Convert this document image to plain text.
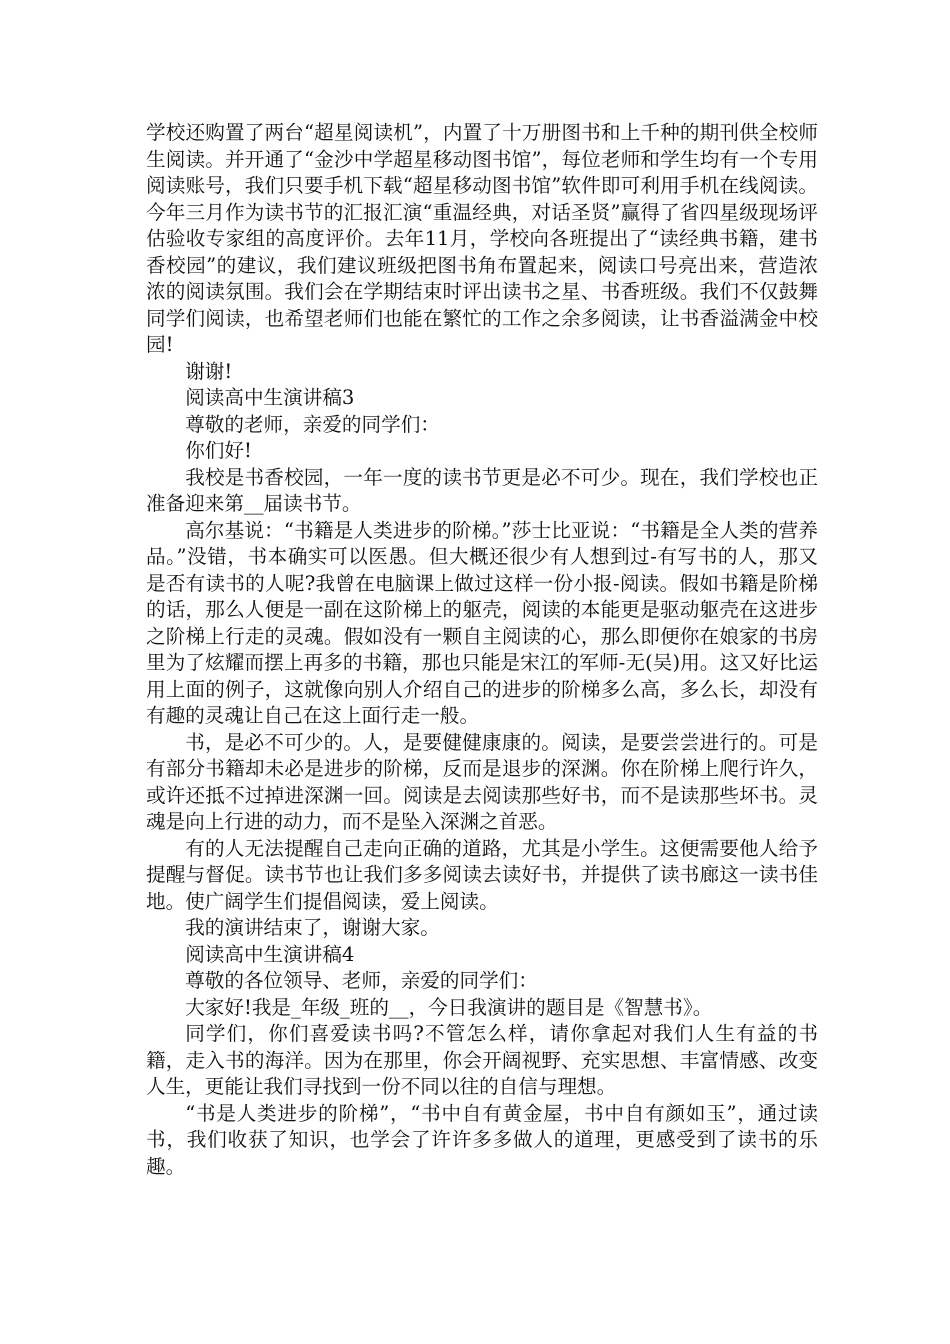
学校还购置了两台“超星阅读机”，内置了十万册图书和上千种的期刊供全校师生阅读。并开通了“金沙中学超星移动图书馆”，每位老师和学生均有一个专用阅读账号，我们只要手机下载“超星移动图书馆”软件即可利用手机在线阅读。今年三月作为读书节的汇报汇演“重温经典，对话圣贤”赢得了省四星级现场评估验收专家组的高度评价。去年11月，学校向各班提出了“读经典书籍，建书香校园”的建议，我们建议班级把图书角布置起来，阅读口号亮出来，营造浓浓的阅读氛围。我们会在学期结束时评出读书之星、书香班级。我们不仅鼓舞同学们阅读，也希望老师们也能在繁忙的工作之余多阅读，让书香溢满金中校园!

谢谢!

阅读高中生演讲稿3

尊敬的老师，亲爱的同学们：

你们好!

我校是书香校园，一年一度的读书节更是必不可少。现在，我们学校也正准备迎来第__届读书节。

高尔基说：“书籍是人类进步的阶梯。”莎士比亚说：“书籍是全人类的营养品。”没错，书本确实可以医愚。但大概还很少有人想到过-有写书的人，那又是否有读书的人呢?我曾在电脑课上做过这样一份小报-阅读。假如书籍是阶梯的话，那么人便是一副在这阶梯上的躯壳，阅读的本能更是驱动躯壳在这进步之阶梯上行走的灵魂。假如没有一颗自主阅读的心，那么即便你在娘家的书房里为了炫耀而摆上再多的书籍，那也只能是宋江的军师-无(吴)用。这又好比运用上面的例子，这就像向别人介绍自己的进步的阶梯多么高，多么长，却没有有趣的灵魂让自己在这上面行走一般。

书，是必不可少的。人，是要健健康康的。阅读，是要尝尝进行的。可是有部分书籍却未必是进步的阶梯，反而是退步的深渊。你在阶梯上爬行许久，或许还抵不过掉进深渊一回。阅读是去阅读那些好书，而不是读那些坏书。灵魂是向上行进的动力，而不是坠入深渊之首恶。

有的人无法提醒自己走向正确的道路，尤其是小学生。这便需要他人给予提醒与督促。读书节也让我们多多阅读去读好书，并提供了读书廊这一读书佳地。使广阔学生们提倡阅读，爱上阅读。

我的演讲结束了，谢谢大家。

阅读高中生演讲稿4

尊敬的各位领导、老师，亲爱的同学们：

大家好!我是_年级_班的__，今日我演讲的题目是《智慧书》。

同学们，你们喜爱读书吗?不管怎么样，请你拿起对我们人生有益的书籍，走入书的海洋。因为在那里，你会开阔视野、充实思想、丰富情感、改变人生，更能让我们寻找到一份不同以往的自信与理想。

“书是人类进步的阶梯”，“书中自有黄金屋，书中自有颜如玉”，通过读书，我们收获了知识，也学会了许许多多做人的道理，更感受到了读书的乐趣。
